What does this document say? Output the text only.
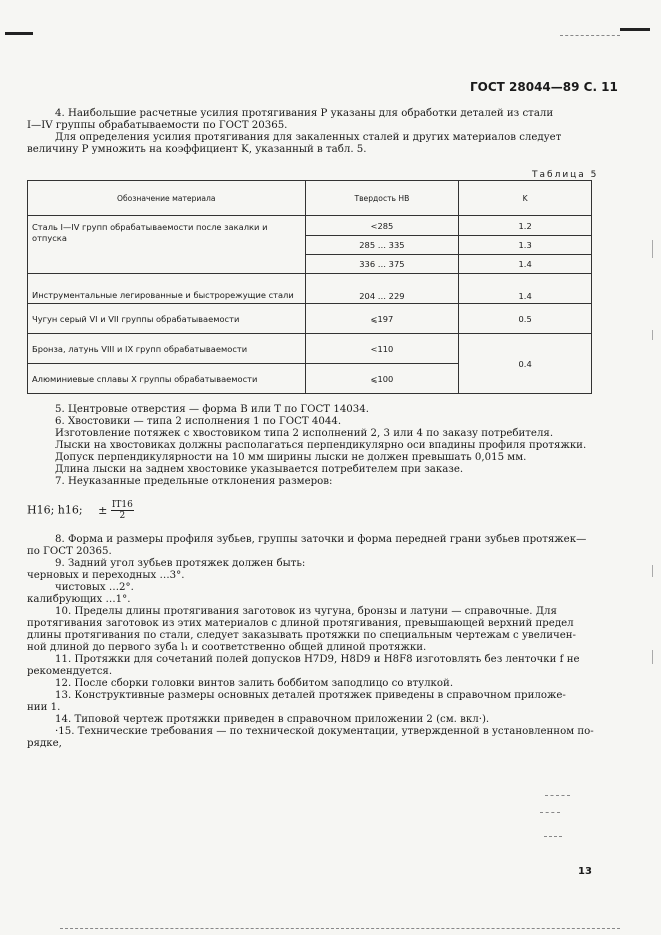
ГОСТ 28044—89 С. 11
4. Наибольшие расчетные усилия протягивания P указаны для обработки деталей из стали
I—IV группы обрабатываемости по ГОСТ 20365.
Для определения усилия протягивания для закаленных сталей и других материалов следует
величину P умножить на коэффициент K, указанный в табл. 5.
Таблица 5
Обозначение материала	Твердость НВ	K
Сталь I—IV групп обрабатываемости после закалки и отпуска	<285	1.2
	285 … 335	1.3
	336 … 375	1.4
Инструментальные легированные и быстрорежущие стали	204 … 229	1.4
Чугун серый VI и VII группы обрабатываемости	⩽197	0.5
Бронза, латунь VIII и IX групп обрабатываемости	<110	0.4
Алюминиевые сплавы X группы обрабатываемости	⩽100	
5. Центровые отверстия — форма В или Т по ГОСТ 14034.
6. Хвостовики — типа 2 исполнения 1 по ГОСТ 4044.
Изготовление потяжек с хвостовиком типа 2 исполнений 2, 3 или 4 по заказу потребителя.
Лыски на хвостовиках должны располагаться перпендикулярно оси впадины профиля протяжки.
Допуск перпендикулярности на 10 мм ширины лыски не должен превышать 0,015 мм.
Длина лыски на заднем хвостовике указывается потребителем при заказе.
7. Неуказанные предельные отклонения размеров:
H16; h16; ± $\frac{IT16}{2}$
8. Форма и размеры профиля зубьев, группы заточки и форма передней грани зубьев протяжек—
по ГОСТ 20365.
9. Задний угол зубьев протяжек должен быть:
черновых и переходных …3°.
чистовых …2°.
калибрующих …1°.
10. Пределы длины протягивания заготовок из чугуна, бронзы и латуни — справочные. Для
протягивания заготовок из этих материалов с длиной протягивания, превышающей верхний предел
длины протягивания по стали, следует заказывать протяжки по специальным чертежам с увеличен-
ной длиной до первого зуба l₁ и соответственно общей длиной протяжки.
11. Протяжки для сочетаний полей допусков H7D9, H8D9 и H8F8 изготовлять без ленточки f не
рекомендуется.
12. После сборки головки винтов залить боббитом заподлицо со втулкой.
13. Конструктивные размеры основных деталей протяжек приведены в справочном приложе-
нии 1.
14. Типовой чертеж протяжки приведен в справочном приложении 2 (см. вкл·).
·15. Технические требования — по технической документации, утвержденной в установленном по-
рядке,
13
